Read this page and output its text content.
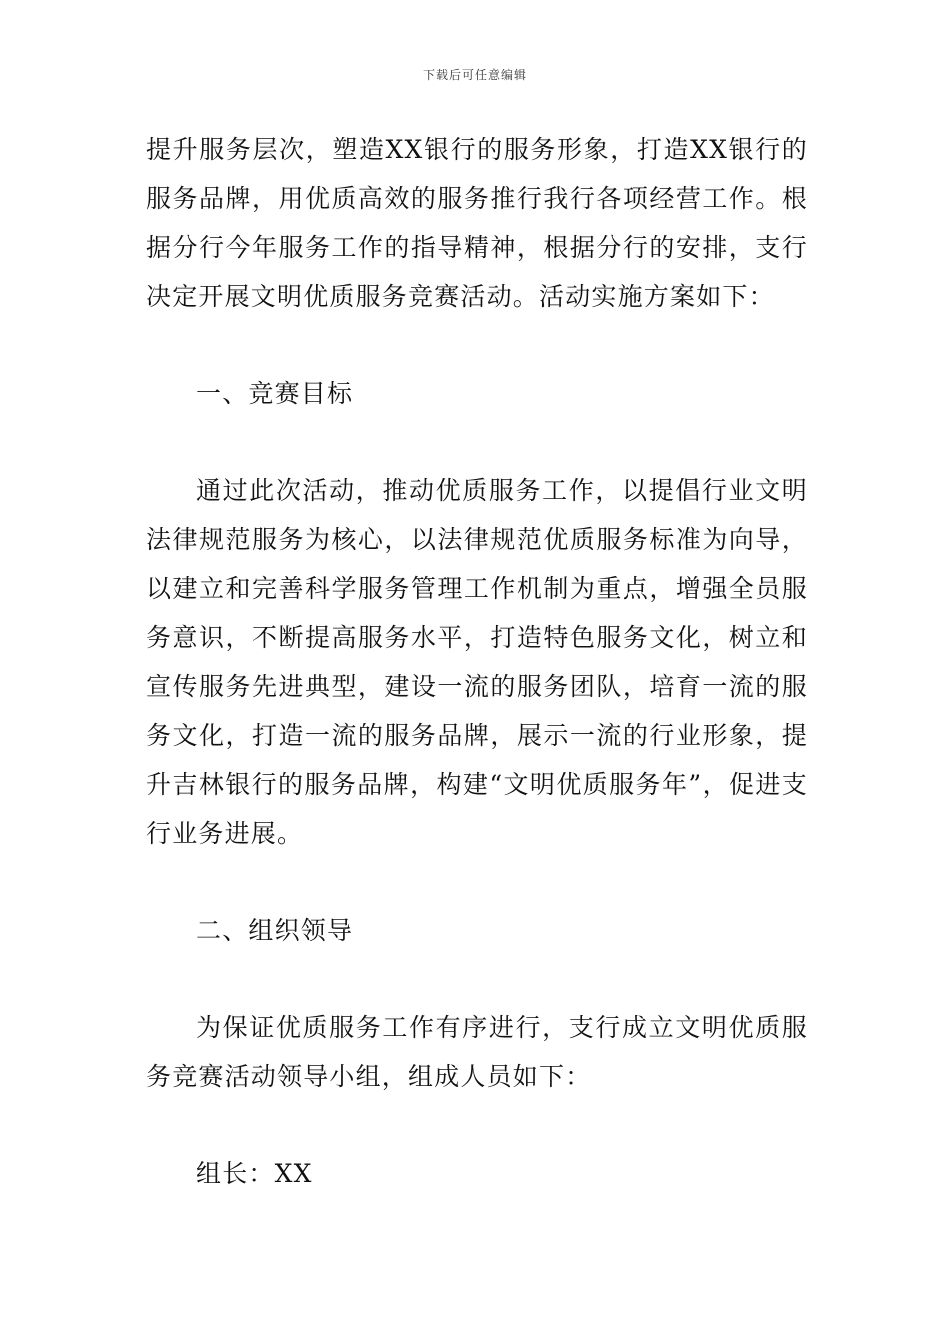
下载后可任意编辑

提升服务层次，塑造XX银行的服务形象，打造XX银行的服务品牌，用优质高效的服务推行我行各项经营工作。根据分行今年服务工作的指导精神，根据分行的安排，支行决定开展文明优质服务竞赛活动。活动实施方案如下：

一、竞赛目标

通过此次活动，推动优质服务工作，以提倡行业文明法律规范服务为核心，以法律规范优质服务标准为向导，以建立和完善科学服务管理工作机制为重点，增强全员服务意识，不断提高服务水平，打造特色服务文化，树立和宣传服务先进典型，建设一流的服务团队，培育一流的服务文化，打造一流的服务品牌，展示一流的行业形象，提升吉林银行的服务品牌，构建“文明优质服务年”，促进支行业务进展。

二、组织领导

为保证优质服务工作有序进行，支行成立文明优质服务竞赛活动领导小组，组成人员如下：

组长：XX
